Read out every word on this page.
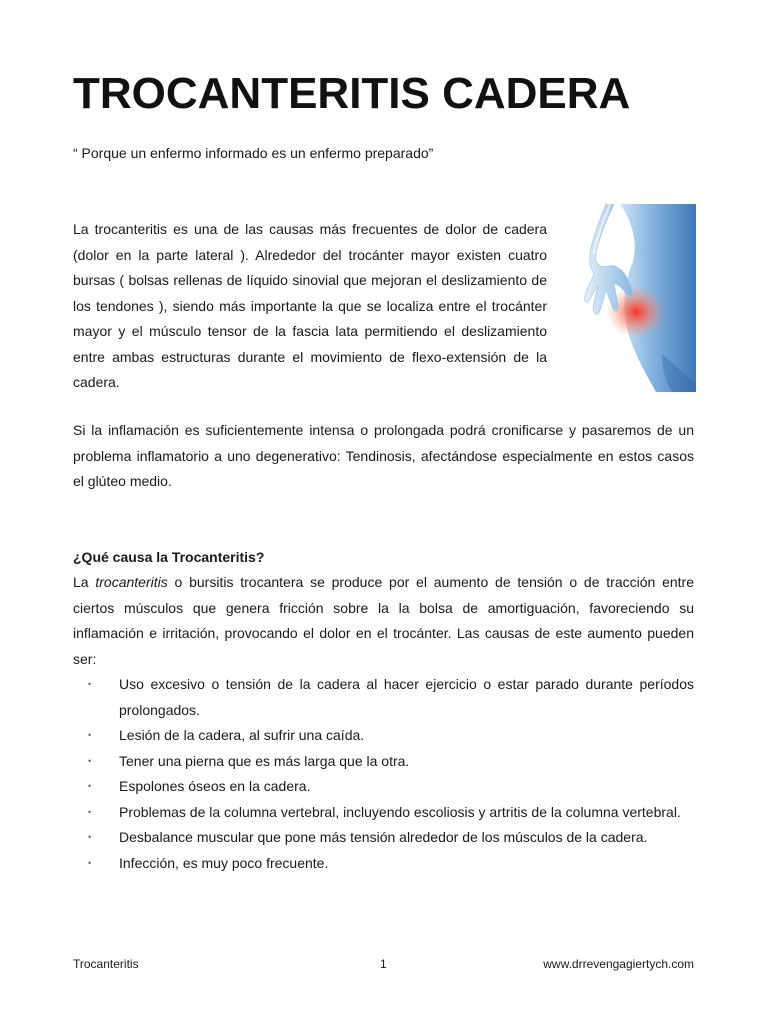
TROCANTERITIS CADERA

“ Porque un enfermo informado es un enfermo preparado”

La trocanteritis es una de las causas más frecuentes de dolor de cadera (dolor en la parte lateral ). Alrededor del trocánter mayor existen cuatro bursas ( bolsas rellenas de líquido sinovial que mejoran el deslizamiento de los tendones ), siendo más importante la que se localiza entre el trocánter mayor y el músculo tensor de la fascia lata permitiendo el deslizamiento entre ambas estructuras durante el movimiento de flexo-extensión de la cadera.

Si la inflamación es suficientemente intensa o prolongada podrá cronificarse y pasaremos de un problema inflamatorio a uno degenerativo: Tendinosis, afectándose especialmente en estos casos el glúteo medio.

¿Qué causa la Trocanteritis?

La trocanteritis o bursitis trocantera se produce por el aumento de tensión o de tracción entre ciertos músculos que genera fricción sobre la la bolsa de amortiguación, favoreciendo su inflamación e irritación, provocando el dolor en el trocánter. Las causas de este aumento pueden ser:

• Uso excesivo o tensión de la cadera al hacer ejercicio o estar parado durante períodos prolongados.
• Lesión de la cadera, al sufrir una caída.
• Tener una pierna que es más larga que la otra.
• Espolones óseos en la cadera.
• Problemas de la columna vertebral, incluyendo escoliosis y artritis de la columna vertebral.
• Desbalance muscular que pone más tensión alrededor de los músculos de la cadera.
• Infección, es muy poco frecuente.
Trocanteritis	1	www.drrevengagiertych.com
